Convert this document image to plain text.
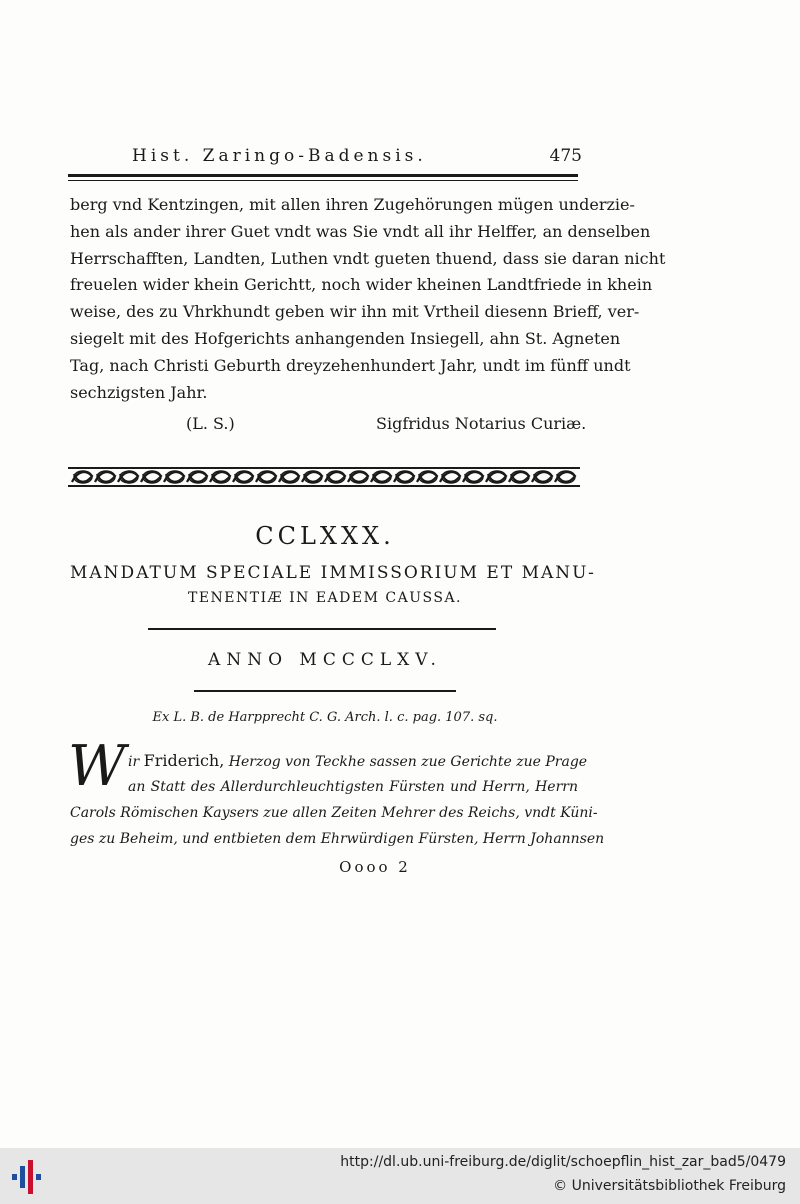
Hist. Zaringo-Badensis.	475
berg vnd Kentzingen, mit allen ihren Zugehörungen mügen underzie-
hen als ander ihrer Guet vndt was Sie vndt all ihr Helffer, an denselben
Herrschafften, Landten, Luthen vndt gueten thuend, dass sie daran nicht
freuelen wider khein Gerichtt, noch wider kheinen Landtfriede in khein
weise, des zu Vhrkhundt geben wir ihn mit Vrtheil diesenn Brieff, ver-
siegelt mit des Hofgerichts anhangenden Insiegell, ahn St. Agneten
Tag, nach Christi Geburth dreyzehenhundert Jahr, undt im fünff undt
sechzigsten Jahr.
(L. S.)	Sigfridus Notarius Curiæ.
CCLXXX.
MANDATUM SPECIALE IMMISSORIUM ET MANU-
TENENTIÆ IN EADEM CAUSSA.
ANNO MCCCLXV.
Ex L. B. de Harpprecht C. G. Arch. l. c. pag. 107. sq.
W ir Friderich, Herzog von Teckhe sassen zue Gerichte zue Prage
an Statt des Allerdurchleuchtigsten Fürsten und Herrn, Herrn
Carols Römischen Kaysers zue allen Zeiten Mehrer des Reichs, vndt Küni-
ges zu Beheim, und entbieten dem Ehrwürdigen Fürsten, Herrn Johannsen
Oooo 2
http://dl.ub.uni-freiburg.de/diglit/schoepflin_hist_zar_bad5/0479
© Universitätsbibliothek Freiburg
